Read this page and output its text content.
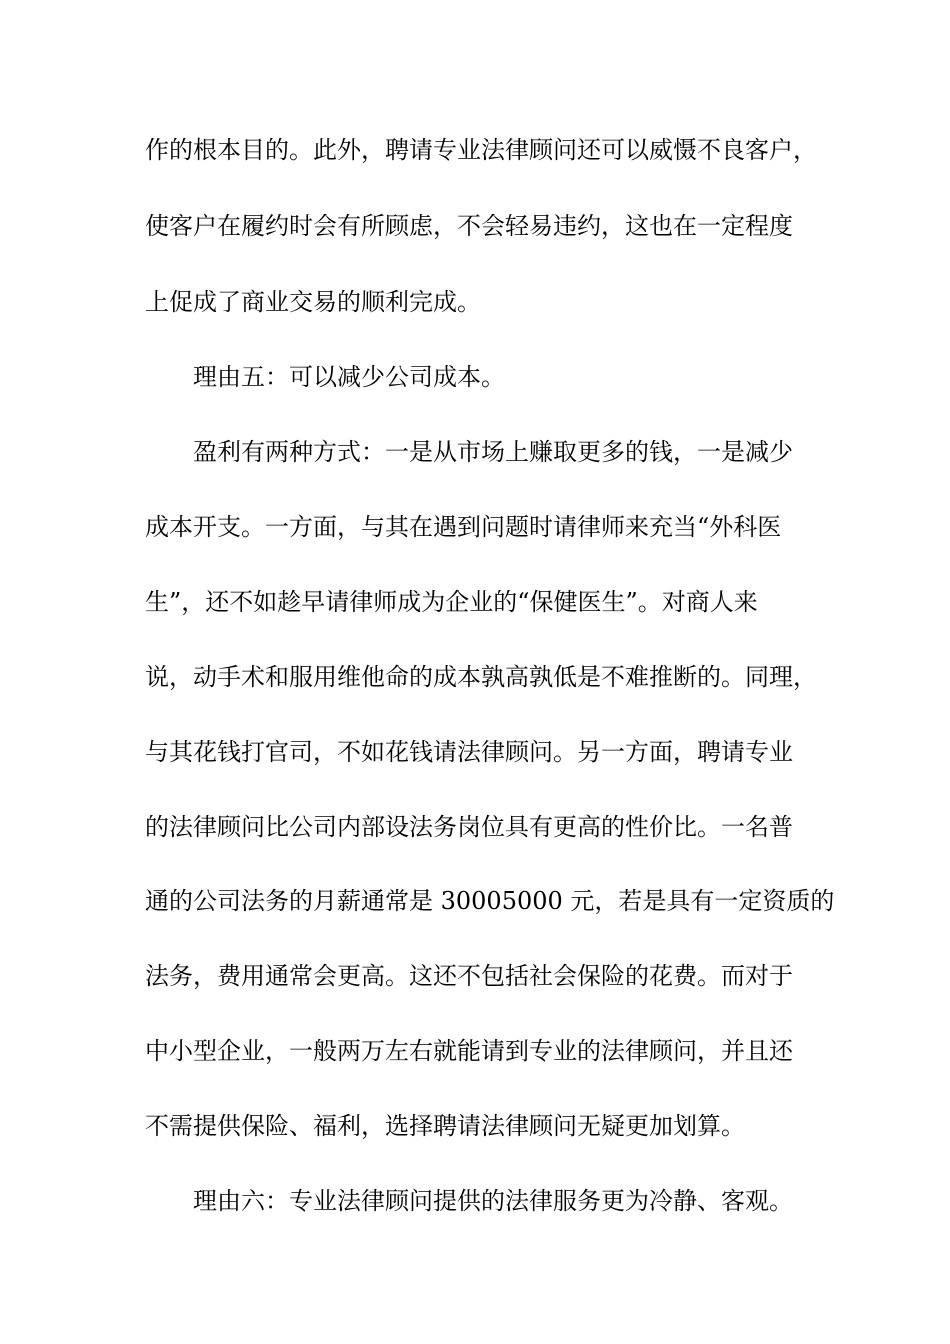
作的根本目的。此外，聘请专业法律顾问还可以威慑不良客户，
使客户在履约时会有所顾虑，不会轻易违约，这也在一定程度
上促成了商业交易的顺利完成。
理由五：可以减少公司成本。
盈利有两种方式：一是从市场上赚取更多的钱，一是减少
成本开支。一方面，与其在遇到问题时请律师来充当“外科医
生”，还不如趁早请律师成为企业的“保健医生”。对商人来
说，动手术和服用维他命的成本孰高孰低是不难推断的。同理，
与其花钱打官司，不如花钱请法律顾问。另一方面，聘请专业
的法律顾问比公司内部设法务岗位具有更高的性价比。一名普
通的公司法务的月薪通常是 30005000 元，若是具有一定资质的
法务，费用通常会更高。这还不包括社会保险的花费。而对于
中小型企业，一般两万左右就能请到专业的法律顾问，并且还
不需提供保险、福利，选择聘请法律顾问无疑更加划算。
理由六：专业法律顾问提供的法律服务更为冷静、客观。
